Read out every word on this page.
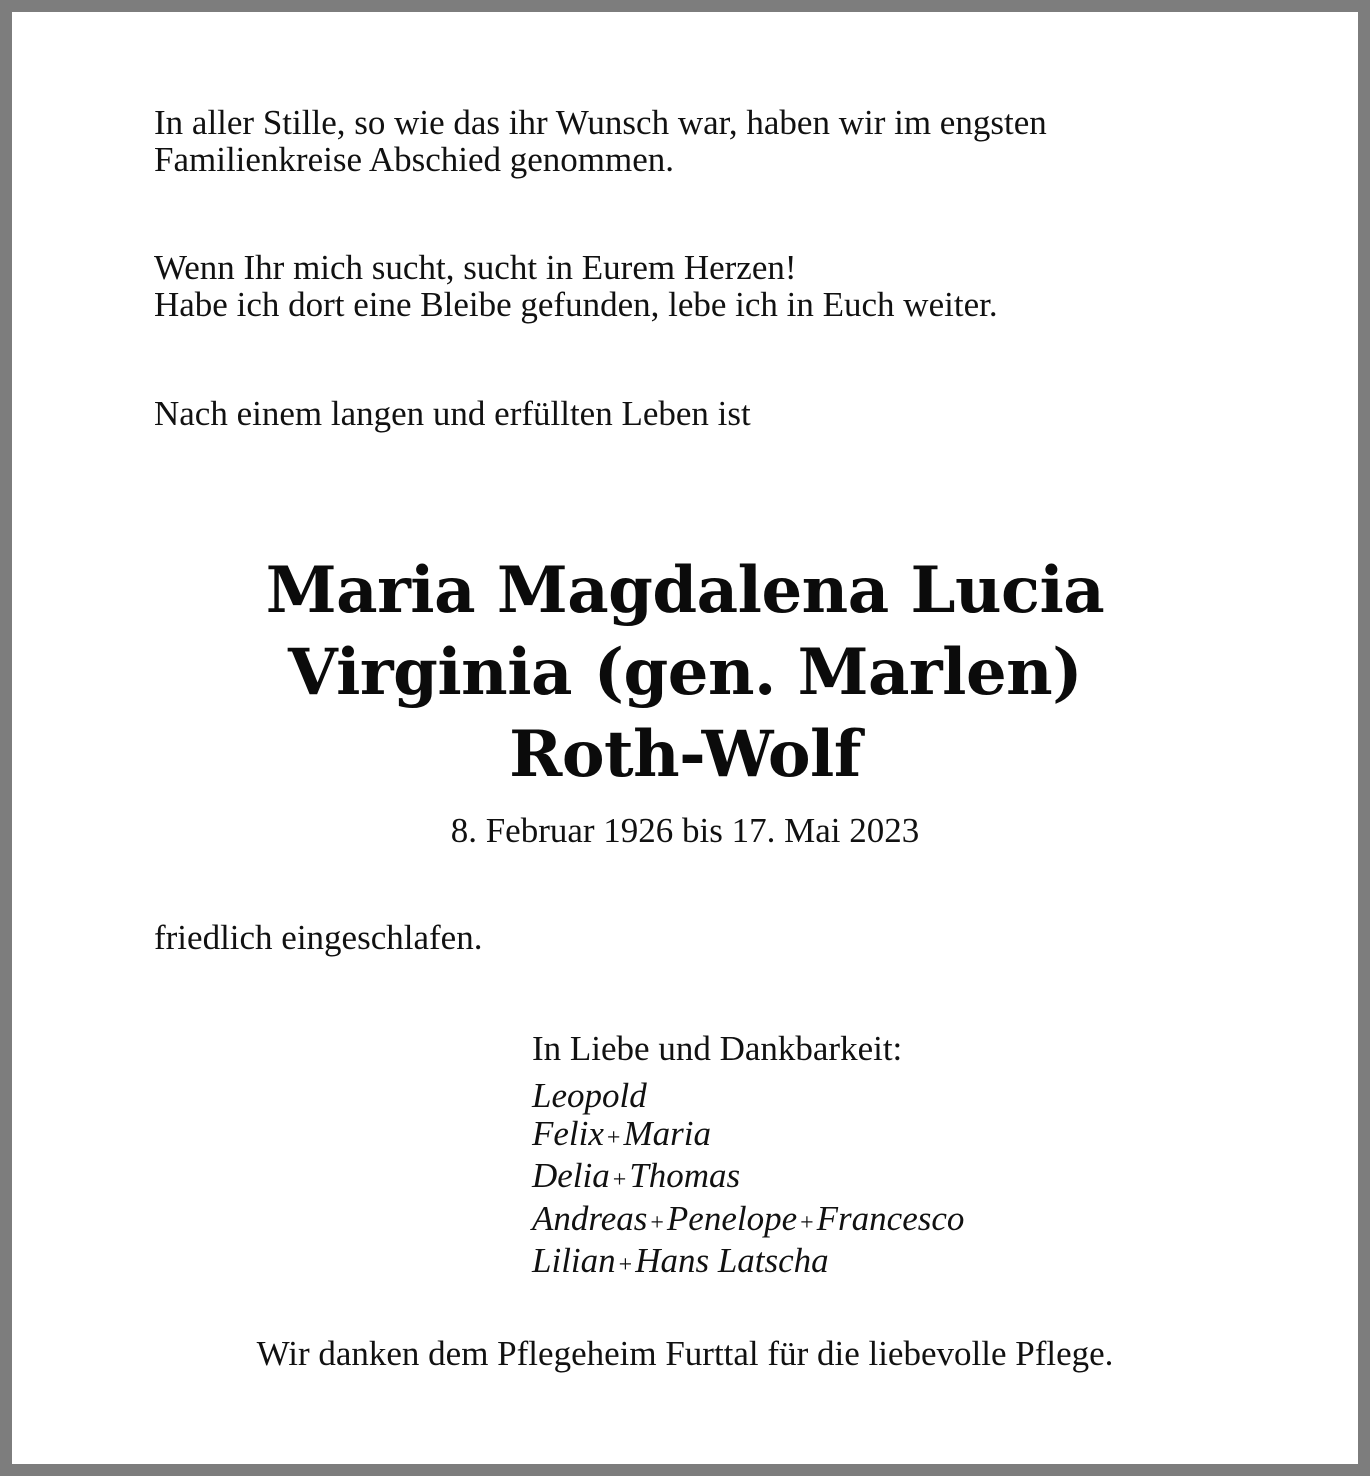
In aller Stille, so wie das ihr Wunsch war, haben wir im engsten

Familienkreise Abschied genommen.

Wenn Ihr mich sucht, sucht in Eurem Herzen!

Habe ich dort eine Bleibe gefunden, lebe ich in Euch weiter.

Nach einem langen und erfüllten Leben ist

Maria Magdalena Lucia
Virginia (gen. Marlen)
Roth-Wolf

8. Februar 1926 bis 17. Mai 2023

friedlich eingeschlafen.

In Liebe und Dankbarkeit:

Leopold

Felix +Maria

Delia +Thomas

Andreas +Penelope +Francesco

Lilian +Hans Latscha

Wir danken dem Pflegeheim Furttal für die liebevolle Pflege.
